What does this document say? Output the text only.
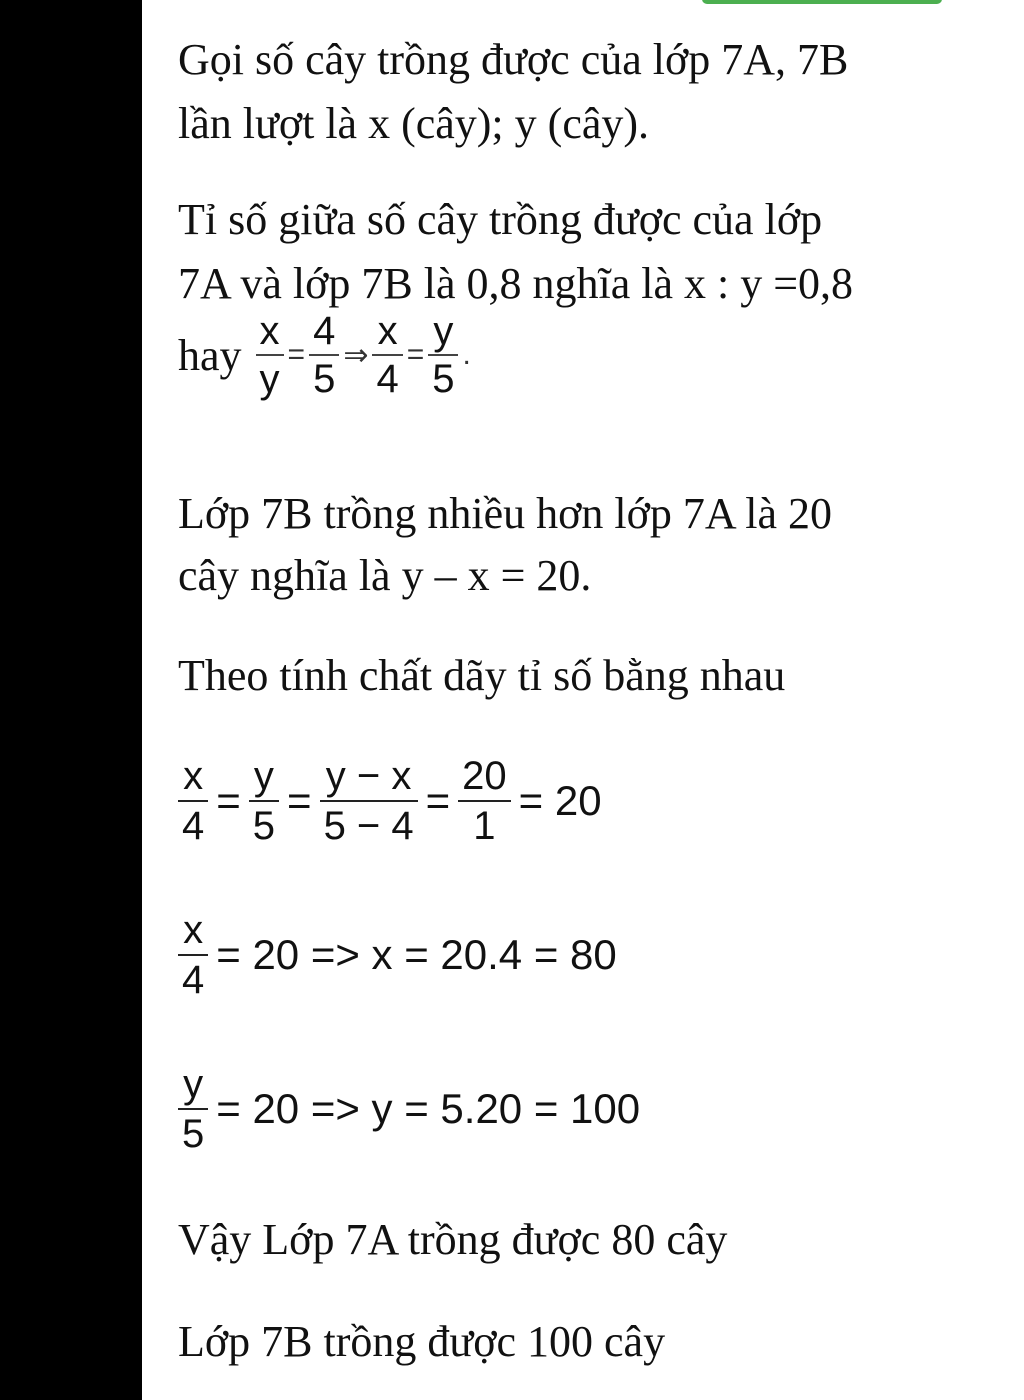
Gọi số cây trồng được của lớp 7A, 7B
lần lượt là x (cây); y (cây).
Tỉ số giữa số cây trồng được của lớp
7A và lớp 7B là 0,8 nghĩa là x : y =0,8
hay $\frac{x}{y} = \frac{4}{5}$ ⇒ $\frac{x}{4} = \frac{y}{5}$ .
Lớp 7B trồng nhiều hơn lớp 7A là 20
cây nghĩa là y – x = 20.
Theo tính chất dãy tỉ số bằng nhau
$\frac{x}{4} = \frac{y}{5} = \frac{y - x}{5 - 4} = \frac{20}{1} = 20$
$\frac{x}{4} = 20 => x = 20.4 = 80$
$\frac{y}{5} = 20 => y = 5.20 = 100$
Vậy Lớp 7A trồng được 80 cây
Lớp 7B trồng được 100 cây
